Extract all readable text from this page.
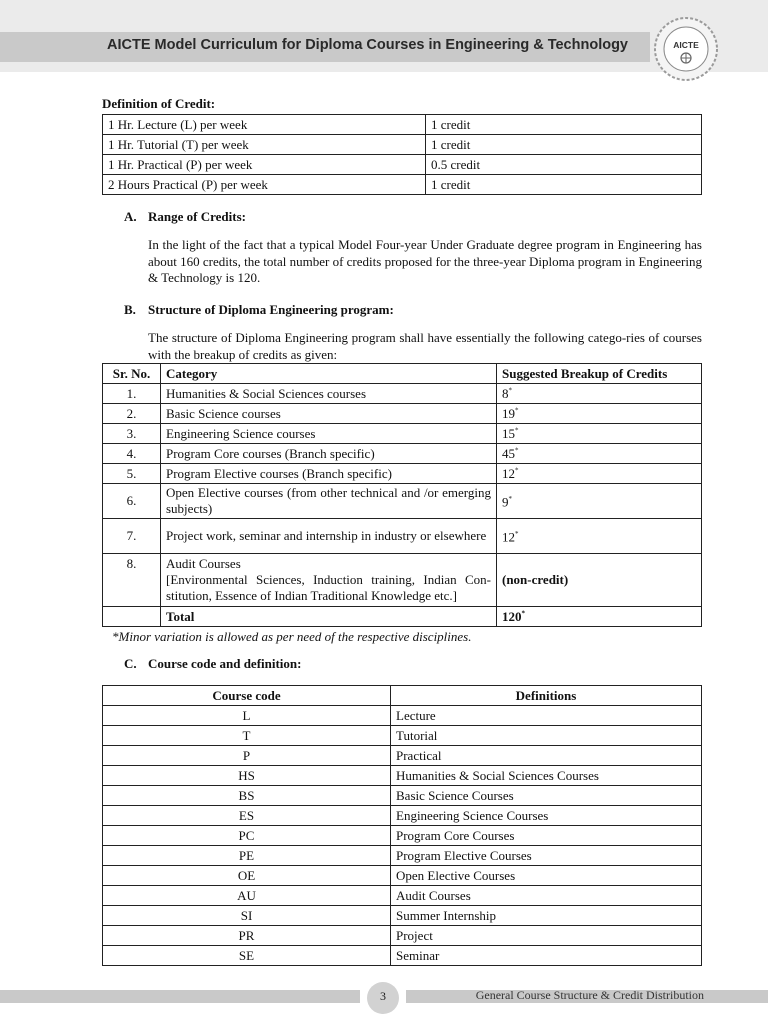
AICTE Model Curriculum for Diploma Courses in Engineering & Technology	AICTE
Definition of Credit:
1 Hr. Lecture (L) per week	1 credit
1 Hr. Tutorial (T) per week	1 credit
1 Hr. Practical (P) per week	0.5 credit
2 Hours Practical (P) per week	1 credit
A. Range of Credits:
In the light of the fact that a typical Model Four-year Under Graduate degree program in Engineering has about 160 credits, the total number of credits proposed for the three-year Diploma program in Engineering & Technology is 120.
B. Structure of Diploma Engineering program:
The structure of Diploma Engineering program shall have essentially the following catego-ries of courses with the breakup of credits as given:
Sr. No.	Category	Suggested Breakup of Credits
1.	Humanities & Social Sciences courses	8*
2.	Basic Science courses	19*
3.	Engineering Science courses	15*
4.	Program Core courses (Branch specific)	45*
5.	Program Elective courses (Branch specific)	12*
6.	Open Elective courses (from other technical and /or emerging subjects)	9*
7.	Project work, seminar and internship in industry or elsewhere	12*
8.	Audit Courses
[Environmental Sciences, Induction training, Indian Con-stitution, Essence of Indian Traditional Knowledge etc.]	(non-credit)
	Total	120*
*Minor variation is allowed as per need of the respective disciplines.
C. Course code and definition:
Course code	Definitions
L	Lecture
T	Tutorial
P	Practical
HS	Humanities & Social Sciences Courses
BS	Basic Science Courses
ES	Engineering Science Courses
PC	Program Core Courses
PE	Program Elective Courses
OE	Open Elective Courses
AU	Audit Courses
SI	Summer Internship
PR	Project
SE	Seminar
3	General Course Structure & Credit Distribution
